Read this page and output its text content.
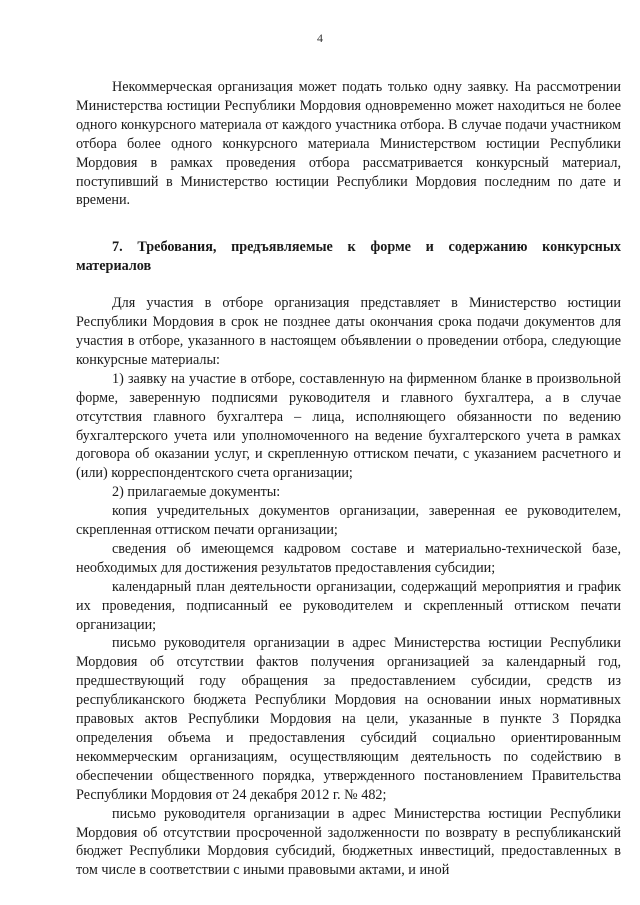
4

Некоммерческая организация может подать только одну заявку. На рассмотрении Министерства юстиции Республики Мордовия одновременно может находиться не более одного конкурсного материала от каждого участника отбора. В случае подачи участником отбора более одного конкурсного материала Министерством юстиции Республики Мордовия в рамках проведения отбора рассматривается конкурсный материал, поступивший в Министерство юстиции Республики Мордовия последним по дате и времени.

7. Требования, предъявляемые к форме и содержанию конкурсных материалов

Для участия в отборе организация представляет в Министерство юстиции Республики Мордовия в срок не позднее даты окончания срока подачи документов для участия в отборе, указанного в настоящем объявлении о проведении отбора, следующие конкурсные материалы:

1) заявку на участие в отборе, составленную на фирменном бланке в произвольной форме, заверенную подписями руководителя и главного бухгалтера, а в случае отсутствия главного бухгалтера – лица, исполняющего обязанности по ведению бухгалтерского учета или уполномоченного на ведение бухгалтерского учета в рамках договора об оказании услуг, и скрепленную оттиском печати, с указанием расчетного и (или) корреспондентского счета организации;

2) прилагаемые документы:

копия учредительных документов организации, заверенная ее руководителем, скрепленная оттиском печати организации;

сведения об имеющемся кадровом составе и материально-технической базе, необходимых для достижения результатов предоставления субсидии;

календарный план деятельности организации, содержащий мероприятия и график их проведения, подписанный ее руководителем и скрепленный оттиском печати организации;

письмо руководителя организации в адрес Министерства юстиции Республики Мордовия об отсутствии фактов получения организацией за календарный год, предшествующий году обращения за предоставлением субсидии, средств из республиканского бюджета Республики Мордовия на основании иных нормативных правовых актов Республики Мордовия на цели, указанные в пункте 3 Порядка определения объема и предоставления субсидий социально ориентированным некоммерческим организациям, осуществляющим деятельность по содействию в обеспечении общественного порядка, утвержденного постановлением Правительства Республики Мордовия от 24 декабря 2012 г. № 482;

письмо руководителя организации в адрес Министерства юстиции Республики Мордовия об отсутствии просроченной задолженности по возврату в республиканский бюджет Республики Мордовия субсидий, бюджетных инвестиций, предоставленных в том числе в соответствии с иными правовыми актами, и иной
